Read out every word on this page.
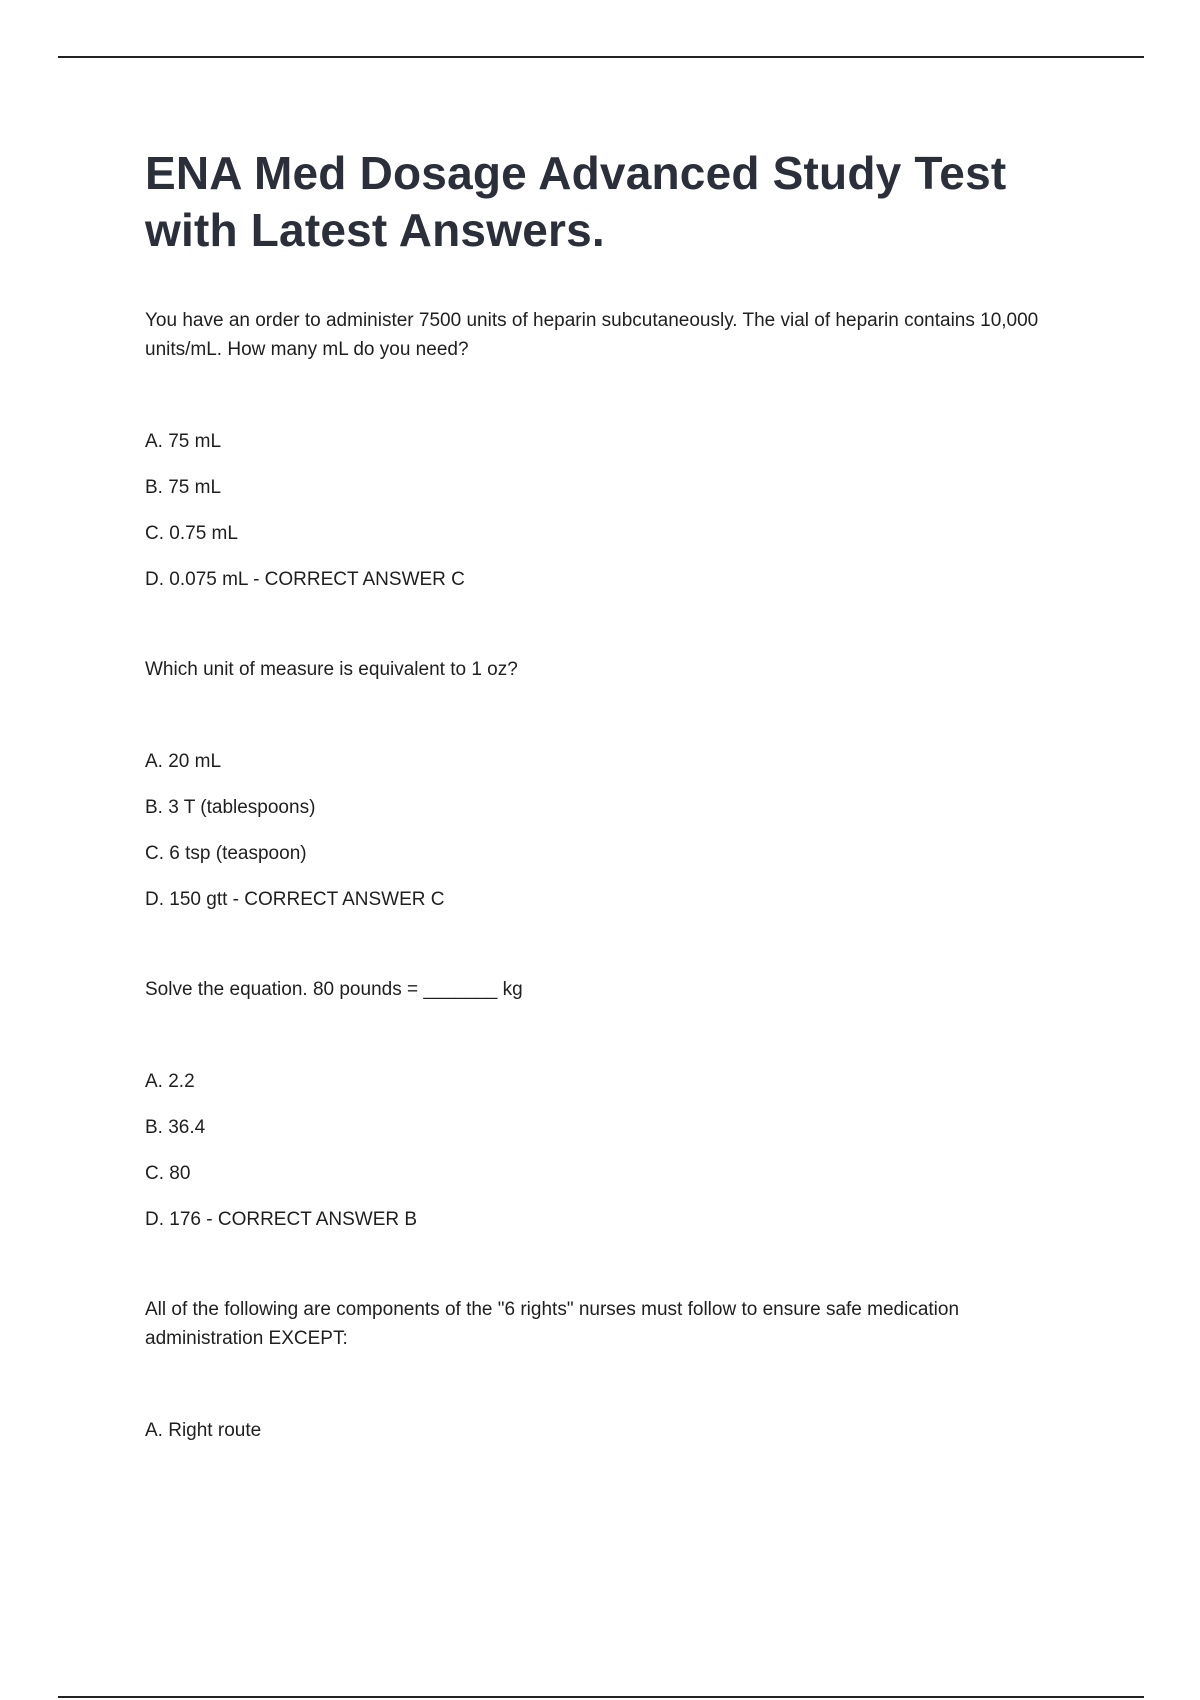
ENA Med Dosage Advanced Study Test with Latest Answers.

You have an order to administer 7500 units of heparin subcutaneously. The vial of heparin contains 10,000 units/mL. How many mL do you need?

A. 75 mL

B. 75 mL

C. 0.75 mL

D. 0.075 mL - CORRECT ANSWER C

Which unit of measure is equivalent to 1 oz?

A. 20 mL

B. 3 T (tablespoons)

C. 6 tsp (teaspoon)

D. 150 gtt - CORRECT ANSWER C

Solve the equation. 80 pounds = _______ kg

A. 2.2

B. 36.4

C. 80

D. 176 - CORRECT ANSWER B

All of the following are components of the "6 rights" nurses must follow to ensure safe medication administration EXCEPT:

A. Right route
